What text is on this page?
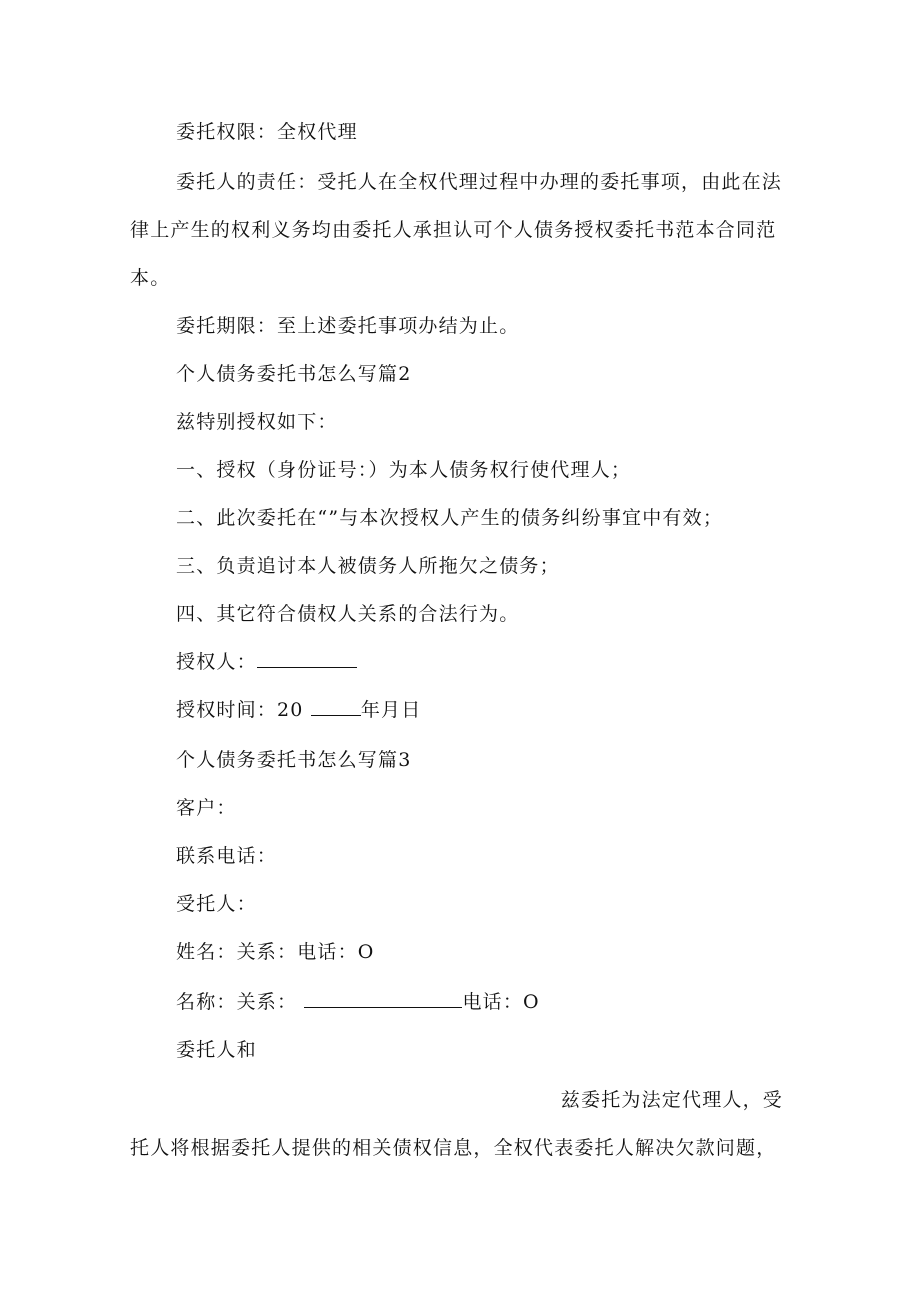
委托权限：全权代理
委托人的责任：受托人在全权代理过程中办理的委托事项，由此在法
律上产生的权利义务均由委托人承担认可个人债务授权委托书范本合同范
本。
委托期限：至上述委托事项办结为止。
个人债务委托书怎么写篇2
兹特别授权如下：
一、授权（身份证号：）为本人债务权行使代理人；
二、此次委托在“”与本次授权人产生的债务纠纷事宜中有效；
三、负责追讨本人被债务人所拖欠之债务；
四、其它符合债权人关系的合法行为。
授权人：
授权时间：20	年月日
个人债务委托书怎么写篇3
客户：
联系电话：
受托人：
姓名：关系：电话：O
名称：关系：	电话：O
委托人和
兹委托为法定代理人，受
托人将根据委托人提供的相关债权信息，全权代表委托人解决欠款问题，
